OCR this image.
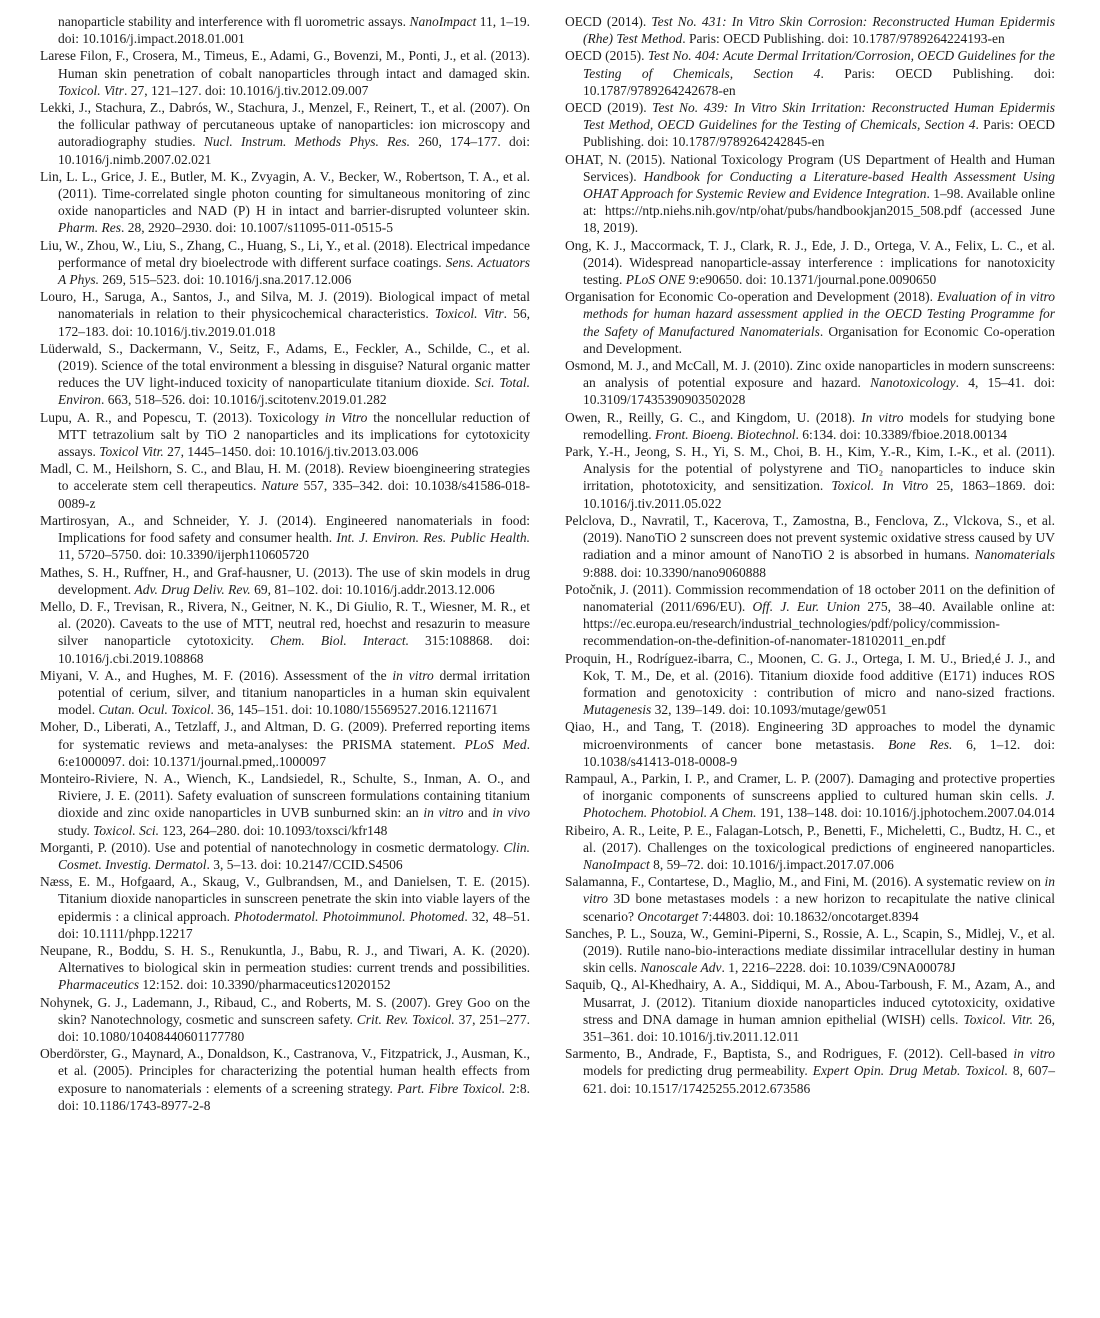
nanoparticle stability and interference with fl uorometric assays. NanoImpact 11, 1–19. doi: 10.1016/j.impact.2018.01.001

Larese Filon, F., Crosera, M., Timeus, E., Adami, G., Bovenzi, M., Ponti, J., et al. (2013). Human skin penetration of cobalt nanoparticles through intact and damaged skin. Toxicol. Vitr. 27, 121–127. doi: 10.1016/j.tiv.2012.09.007

Lekki, J., Stachura, Z., Dabrós, W., Stachura, J., Menzel, F., Reinert, T., et al. (2007). On the follicular pathway of percutaneous uptake of nanoparticles: ion microscopy and autoradiography studies. Nucl. Instrum. Methods Phys. Res. 260, 174–177. doi: 10.1016/j.nimb.2007.02.021

Lin, L. L., Grice, J. E., Butler, M. K., Zvyagin, A. V., Becker, W., Robertson, T. A., et al. (2011). Time-correlated single photon counting for simultaneous monitoring of zinc oxide nanoparticles and NAD (P) H in intact and barrier-disrupted volunteer skin. Pharm. Res. 28, 2920–2930. doi: 10.1007/s11095-011-0515-5

Liu, W., Zhou, W., Liu, S., Zhang, C., Huang, S., Li, Y., et al. (2018). Electrical impedance performance of metal dry bioelectrode with different surface coatings. Sens. Actuators A Phys. 269, 515–523. doi: 10.1016/j.sna.2017.12.006

Louro, H., Saruga, A., Santos, J., and Silva, M. J. (2019). Biological impact of metal nanomaterials in relation to their physicochemical characteristics. Toxicol. Vitr. 56, 172–183. doi: 10.1016/j.tiv.2019.01.018

Lüderwald, S., Dackermann, V., Seitz, F., Adams, E., Feckler, A., Schilde, C., et al. (2019). Science of the total environment a blessing in disguise? Natural organic matter reduces the UV light-induced toxicity of nanoparticulate titanium dioxide. Sci. Total. Environ. 663, 518–526. doi: 10.1016/j.scitotenv.2019.01.282

Lupu, A. R., and Popescu, T. (2013). Toxicology in Vitro the noncellular reduction of MTT tetrazolium salt by TiO 2 nanoparticles and its implications for cytotoxicity assays. Toxicol Vitr. 27, 1445–1450. doi: 10.1016/j.tiv.2013.03.006

Madl, C. M., Heilshorn, S. C., and Blau, H. M. (2018). Review bioengineering strategies to accelerate stem cell therapeutics. Nature 557, 335–342. doi: 10.1038/s41586-018-0089-z

Martirosyan, A., and Schneider, Y. J. (2014). Engineered nanomaterials in food: Implications for food safety and consumer health. Int. J. Environ. Res. Public Health. 11, 5720–5750. doi: 10.3390/ijerph110605720

Mathes, S. H., Ruffner, H., and Graf-hausner, U. (2013). The use of skin models in drug development. Adv. Drug Deliv. Rev. 69, 81–102. doi: 10.1016/j.addr.2013.12.006

Mello, D. F., Trevisan, R., Rivera, N., Geitner, N. K., Di Giulio, R. T., Wiesner, M. R., et al. (2020). Caveats to the use of MTT, neutral red, hoechst and resazurin to measure silver nanoparticle cytotoxicity. Chem. Biol. Interact. 315:108868. doi: 10.1016/j.cbi.2019.108868

Miyani, V. A., and Hughes, M. F. (2016). Assessment of the in vitro dermal irritation potential of cerium, silver, and titanium nanoparticles in a human skin equivalent model. Cutan. Ocul. Toxicol. 36, 145–151. doi: 10.1080/15569527.2016.1211671

Moher, D., Liberati, A., Tetzlaff, J., and Altman, D. G. (2009). Preferred reporting items for systematic reviews and meta-analyses: the PRISMA statement. PLoS Med. 6:e1000097. doi: 10.1371/journal.pmed,.1000097

Monteiro-Riviere, N. A., Wiench, K., Landsiedel, R., Schulte, S., Inman, A. O., and Riviere, J. E. (2011). Safety evaluation of sunscreen formulations containing titanium dioxide and zinc oxide nanoparticles in UVB sunburned skin: an in vitro and in vivo study. Toxicol. Sci. 123, 264–280. doi: 10.1093/toxsci/kfr148

Morganti, P. (2010). Use and potential of nanotechnology in cosmetic dermatology. Clin. Cosmet. Investig. Dermatol. 3, 5–13. doi: 10.2147/CCID.S4506

Næss, E. M., Hofgaard, A., Skaug, V., Gulbrandsen, M., and Danielsen, T. E. (2015). Titanium dioxide nanoparticles in sunscreen penetrate the skin into viable layers of the epidermis : a clinical approach. Photodermatol. Photoimmunol. Photomed. 32, 48–51. doi: 10.1111/phpp.12217

Neupane, R., Boddu, S. H. S., Renukuntla, J., Babu, R. J., and Tiwari, A. K. (2020). Alternatives to biological skin in permeation studies: current trends and possibilities. Pharmaceutics 12:152. doi: 10.3390/pharmaceutics12020152

Nohynek, G. J., Lademann, J., Ribaud, C., and Roberts, M. S. (2007). Grey Goo on the skin? Nanotechnology, cosmetic and sunscreen safety. Crit. Rev. Toxicol. 37, 251–277. doi: 10.1080/10408440601177780

Oberdörster, G., Maynard, A., Donaldson, K., Castranova, V., Fitzpatrick, J., Ausman, K., et al. (2005). Principles for characterizing the potential human health effects from exposure to nanomaterials : elements of a screening strategy. Part. Fibre Toxicol. 2:8. doi: 10.1186/1743-8977-2-8

OECD (2014). Test No. 431: In Vitro Skin Corrosion: Reconstructed Human Epidermis (Rhe) Test Method. Paris: OECD Publishing. doi: 10.1787/9789264224193-en

OECD (2015). Test No. 404: Acute Dermal Irritation/Corrosion, OECD Guidelines for the Testing of Chemicals, Section 4. Paris: OECD Publishing. doi: 10.1787/9789264242678-en

OECD (2019). Test No. 439: In Vitro Skin Irritation: Reconstructed Human Epidermis Test Method, OECD Guidelines for the Testing of Chemicals, Section 4. Paris: OECD Publishing. doi: 10.1787/9789264242845-en

OHAT, N. (2015). National Toxicology Program (US Department of Health and Human Services). Handbook for Conducting a Literature-based Health Assessment Using OHAT Approach for Systemic Review and Evidence Integration. 1–98. Available online at: https://ntp.niehs.nih.gov/ntp/ohat/pubs/handbookjan2015_508.pdf (accessed June 18, 2019).

Ong, K. J., Maccormack, T. J., Clark, R. J., Ede, J. D., Ortega, V. A., Felix, L. C., et al. (2014). Widespread nanoparticle-assay interference : implications for nanotoxicity testing. PLoS ONE 9:e90650. doi: 10.1371/journal.pone.0090650

Organisation for Economic Co-operation and Development (2018). Evaluation of in vitro methods for human hazard assessment applied in the OECD Testing Programme for the Safety of Manufactured Nanomaterials. Organisation for Economic Co-operation and Development.

Osmond, M. J., and McCall, M. J. (2010). Zinc oxide nanoparticles in modern sunscreens: an analysis of potential exposure and hazard. Nanotoxicology. 4, 15–41. doi: 10.3109/17435390903502028

Owen, R., Reilly, G. C., and Kingdom, U. (2018). In vitro models for studying bone remodelling. Front. Bioeng. Biotechnol. 6:134. doi: 10.3389/fbioe.2018.00134

Park, Y.-H., Jeong, S. H., Yi, S. M., Choi, B. H., Kim, Y.-R., Kim, I.-K., et al. (2011). Analysis for the potential of polystyrene and TiO₂ nanoparticles to induce skin irritation, phototoxicity, and sensitization. Toxicol. In Vitro 25, 1863–1869. doi: 10.1016/j.tiv.2011.05.022

Pelclova, D., Navratil, T., Kacerova, T., Zamostna, B., Fenclova, Z., Vlckova, S., et al. (2019). NanoTiO 2 sunscreen does not prevent systemic oxidative stress caused by UV radiation and a minor amount of NanoTiO 2 is absorbed in humans. Nanomaterials 9:888. doi: 10.3390/nano9060888

Potočnik, J. (2011). Commission recommendation of 18 october 2011 on the definition of nanomaterial (2011/696/EU). Off. J. Eur. Union 275, 38–40. Available online at: https://ec.europa.eu/research/industrial_technologies/pdf/policy/commission-recommendation-on-the-definition-of-nanomater-18102011_en.pdf

Proquin, H., Rodríguez-ibarra, C., Moonen, C. G. J., Ortega, I. M. U., Bried,é J. J., and Kok, T. M., De, et al. (2016). Titanium dioxide food additive (E171) induces ROS formation and genotoxicity : contribution of micro and nano-sized fractions. Mutagenesis 32, 139–149. doi: 10.1093/mutage/gew051

Qiao, H., and Tang, T. (2018). Engineering 3D approaches to model the dynamic microenvironments of cancer bone metastasis. Bone Res. 6, 1–12. doi: 10.1038/s41413-018-0008-9

Rampaul, A., Parkin, I. P., and Cramer, L. P. (2007). Damaging and protective properties of inorganic components of sunscreens applied to cultured human skin cells. J. Photochem. Photobiol. A Chem. 191, 138–148. doi: 10.1016/j.jphotochem.2007.04.014

Ribeiro, A. R., Leite, P. E., Falagan-Lotsch, P., Benetti, F., Micheletti, C., Budtz, H. C., et al. (2017). Challenges on the toxicological predictions of engineered nanoparticles. NanoImpact 8, 59–72. doi: 10.1016/j.impact.2017.07.006

Salamanna, F., Contartese, D., Maglio, M., and Fini, M. (2016). A systematic review on in vitro 3D bone metastases models : a new horizon to recapitulate the native clinical scenario? Oncotarget 7:44803. doi: 10.18632/oncotarget.8394

Sanches, P. L., Souza, W., Gemini-Piperni, S., Rossie, A. L., Scapin, S., Midlej, V., et al. (2019). Rutile nano-bio-interactions mediate dissimilar intracellular destiny in human skin cells. Nanoscale Adv. 1, 2216–2228. doi: 10.1039/C9NA00078J

Saquib, Q., Al-Khedhairy, A. A., Siddiqui, M. A., Abou-Tarboush, F. M., Azam, A., and Musarrat, J. (2012). Titanium dioxide nanoparticles induced cytotoxicity, oxidative stress and DNA damage in human amnion epithelial (WISH) cells. Toxicol. Vitr. 26, 351–361. doi: 10.1016/j.tiv.2011.12.011

Sarmento, B., Andrade, F., Baptista, S., and Rodrigues, F. (2012). Cell-based in vitro models for predicting drug permeability. Expert Opin. Drug Metab. Toxicol. 8, 607–621. doi: 10.1517/17425255.2012.673586
